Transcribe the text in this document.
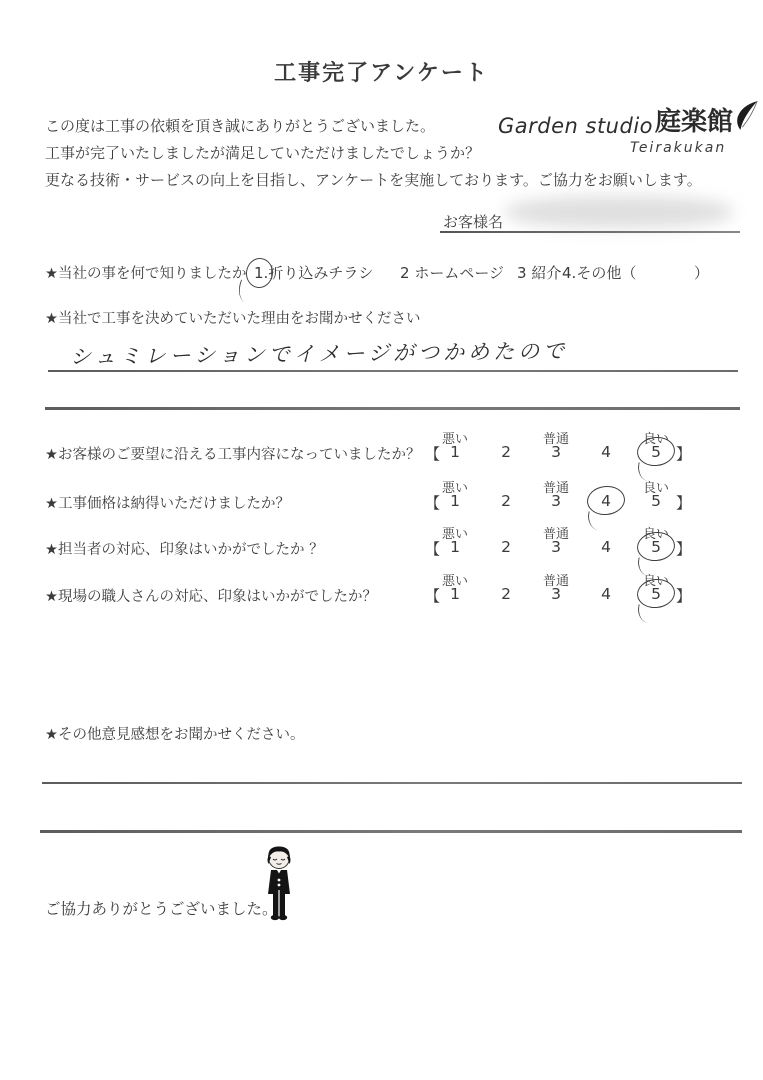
工事完了アンケート
この度は工事の依頼を頂き誠にありがとうございました。
工事が完了いたしましたが満足していただけましたでしょうか？
更なる技術・サービスの向上を目指し、アンケートを実施しております。ご協力をお願いします。
Garden studio 庭楽館
Teirakukan
お客様名
★当社の事を何で知りましたか 1.
折り込みチラシ 2 ホームページ 3 紹介 4.その他（	）
★当社で工事を決めていただいた理由をお聞かせください
シュミレーションでイメージがつかめたので
★お客様のご要望に沿える工事内容になっていましたか？
悪い	普通	良い
【 1	2	3	4	5	】
★工事価格は納得いただけましたか？
悪い	普通	良い
【 1	2	3	4	5	】
★担当者の対応、印象はいかがでしたか ？
悪い	普通	良い
【 1	2	3	4	5	】
★現場の職人さんの対応、印象はいかがでしたか？
悪い	普通	良い
【 1	2	3	4	5	】
★その他意見感想をお聞かせください。
ご協力ありがとうございました。
